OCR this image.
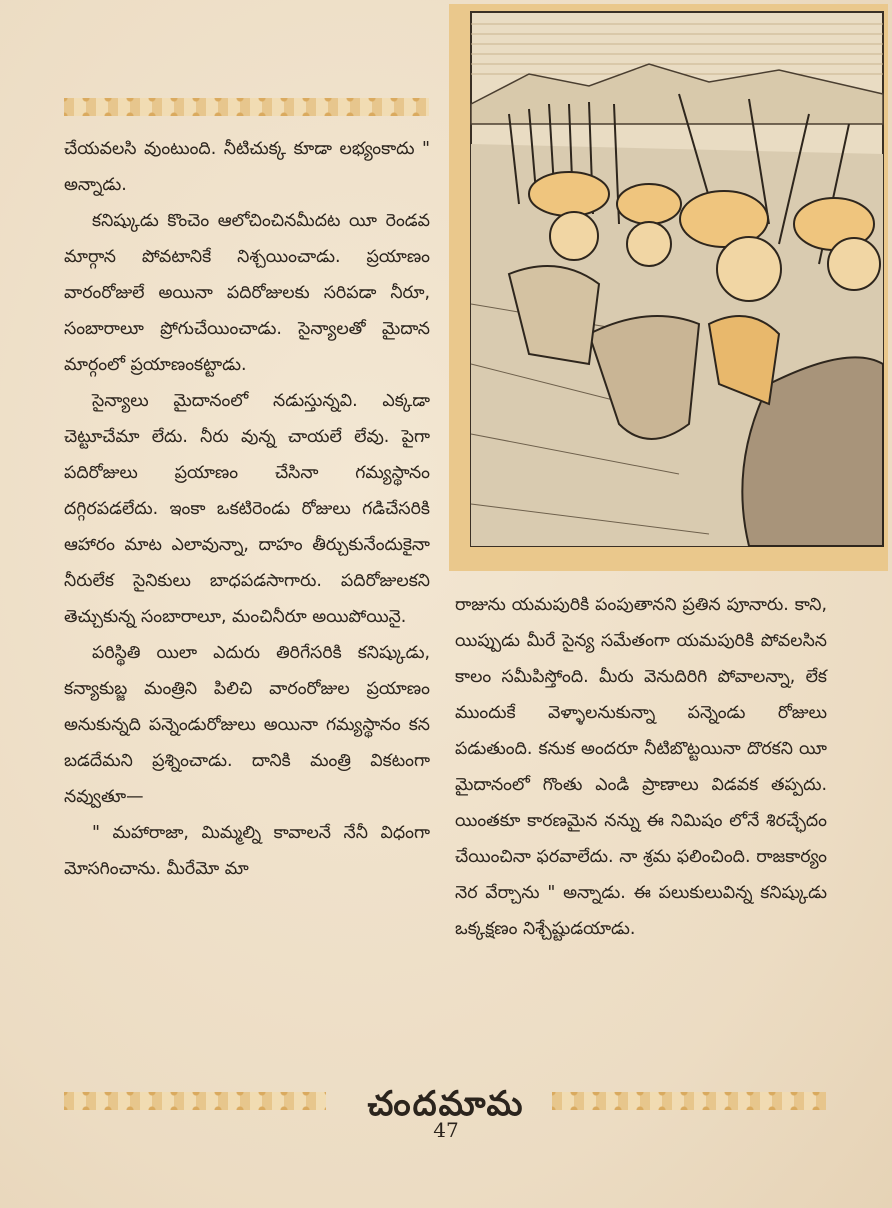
చేయవలసి వుంటుంది. నీటిచుక్క కూడా లభ్యంకాదు " అన్నాడు.

కనిష్కుడు కొంచెం ఆలోచించినమీదట యీ రెండవ మార్గాన పోవటానికే నిశ్చయించాడు. ప్రయాణం వారంరోజులే అయినా పదిరోజులకు సరిపడా నీరూ, సంబారాలూ ప్రోగుచేయించాడు. సైన్యాలతో మైదాన మార్గంలో ప్రయాణంకట్టాడు.

సైన్యాలు మైదానంలో నడుస్తున్నవి. ఎక్కడా చెట్టూచేమా లేదు. నీరు వున్న చాయలే లేవు. పైగా పదిరోజులు ప్రయాణం చేసినా గమ్యస్థానం దగ్గిరపడలేదు. ఇంకా ఒకటిరెండు రోజులు గడిచేసరికి ఆహారం మాట ఎలావున్నా, దాహం తీర్చుకునేందుకైనా నీరులేక సైనికులు బాధపడసాగారు. పదిరోజులకని తెచ్చుకున్న సంబారాలూ, మంచినీరూ అయిపోయినై.

పరిస్థితి యిలా ఎదురు తిరిగేసరికి కనిష్కుడు, కన్యాకుబ్జ మంత్రిని పిలిచి వారంరోజుల ప్రయాణం అనుకున్నది పన్నెండురోజులు అయినా గమ్యస్థానం కన బడదేమని ప్రశ్నించాడు. దానికి మంత్రి వికటంగా నవ్వుతూ—

" మహారాజా, మిమ్మల్ని కావాలనే నేనీ విధంగా మోసగించాను. మీరేమో మా

రాజును యమపురికి పంపుతానని ప్రతిన పూనారు. కాని, యిప్పుడు మీరే సైన్య సమేతంగా యమపురికి పోవలసిన కాలం సమీపిస్తోంది. మీరు వెనుదిరిగి పోవాలన్నా, లేక ముందుకే వెళ్ళాలనుకున్నా పన్నెండు రోజులు పడుతుంది. కనుక అందరూ నీటిబొట్టయినా దొరకని యీ మైదానంలో గొంతు ఎండి ప్రాణాలు విడవక తప్పదు. యింతకూ కారణమైన నన్ను ఈ నిమిషం లోనే శిరచ్ఛేదం చేయించినా ఫరవాలేదు. నా శ్రమ ఫలించింది. రాజకార్యం నెర వేర్చాను " అన్నాడు. ఈ పలుకులువిన్న కనిష్కుడు ఒక్కక్షణం నిశ్చేష్టుడయాడు.

చందమామ
47
